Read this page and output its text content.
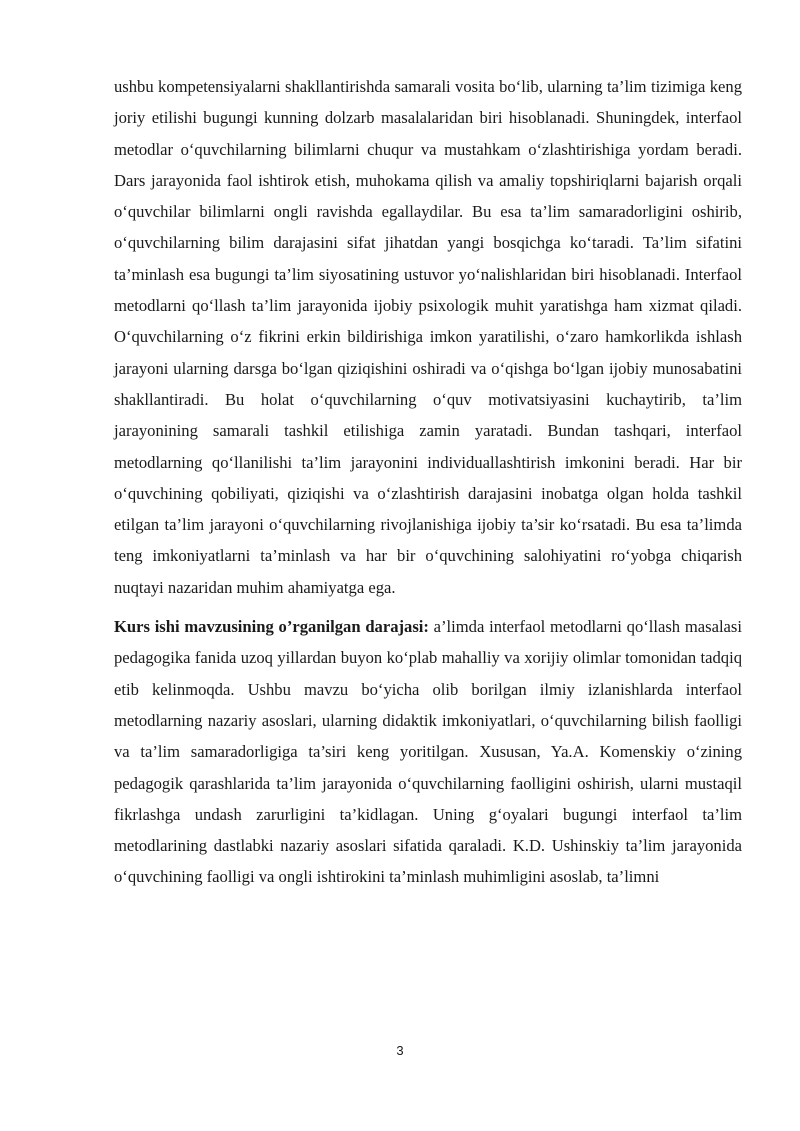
ushbu kompetensiyalarni shakllantirishda samarali vosita bo‘lib, ularning ta’lim tizimiga keng joriy etilishi bugungi kunning dolzarb masalalaridan biri hisoblanadi. Shuningdek, interfaol metodlar o‘quvchilarning bilimlarni chuqur va mustahkam o‘zlashtirishiga yordam beradi. Dars jarayonida faol ishtirok etish, muhokama qilish va amaliy topshiriqlarni bajarish orqali o‘quvchilar bilimlarni ongli ravishda egallaydilar. Bu esa ta’lim samaradorligini oshirib, o‘quvchilarning bilim darajasini sifat jihatdan yangi bosqichga ko‘taradi. Ta’lim sifatini ta’minlash esa bugungi ta’lim siyosatining ustuvor yo‘nalishlaridan biri hisoblanadi. Interfaol metodlarni qo‘llash ta’lim jarayonida ijobiy psixologik muhit yaratishga ham xizmat qiladi. O‘quvchilarning o‘z fikrini erkin bildirishiga imkon yaratilishi, o‘zaro hamkorlikda ishlash jarayoni ularning darsga bo‘lgan qiziqishini oshiradi va o‘qishga bo‘lgan ijobiy munosabatini shakllantiradi. Bu holat o‘quvchilarning o‘quv motivatsiyasini kuchaytirib, ta’lim jarayonining samarali tashkil etilishiga zamin yaratadi. Bundan tashqari, interfaol metodlarning qo‘llanilishi ta’lim jarayonini individuallashtirish imkonini beradi. Har bir o‘quvchining qobiliyati, qiziqishi va o‘zlashtirish darajasini inobatga olgan holda tashkil etilgan ta’lim jarayoni o‘quvchilarning rivojlanishiga ijobiy ta’sir ko‘rsatadi. Bu esa ta’limda teng imkoniyatlarni ta’minlash va har bir o‘quvchining salohiyatini ro‘yobga chiqarish nuqtayi nazaridan muhim ahamiyatga ega.

Kurs ishi mavzusining o’rganilgan darajasi: a’limda interfaol metodlarni qo‘llash masalasi pedagogika fanida uzoq yillardan buyon ko‘plab mahalliy va xorijiy olimlar tomonidan tadqiq etib kelinmoqda. Ushbu mavzu bo‘yicha olib borilgan ilmiy izlanishlarda interfaol metodlarning nazariy asoslari, ularning didaktik imkoniyatlari, o‘quvchilarning bilish faolligi va ta’lim samaradorligiga ta’siri keng yoritilgan. Xususan, Ya.A. Komenskiy o‘zining pedagogik qarashlarida ta’lim jarayonida o‘quvchilarning faolligini oshirish, ularni mustaqil fikrlashga undash zarurligini ta’kidlagan. Uning g‘oyalari bugungi interfaol ta’lim metodlarining dastlabki nazariy asoslari sifatida qaraladi. K.D. Ushinskiy ta’lim jarayonida o‘quvchining faolligi va ongli ishtirokini ta’minlash muhimligini asoslab, ta’limni

3
